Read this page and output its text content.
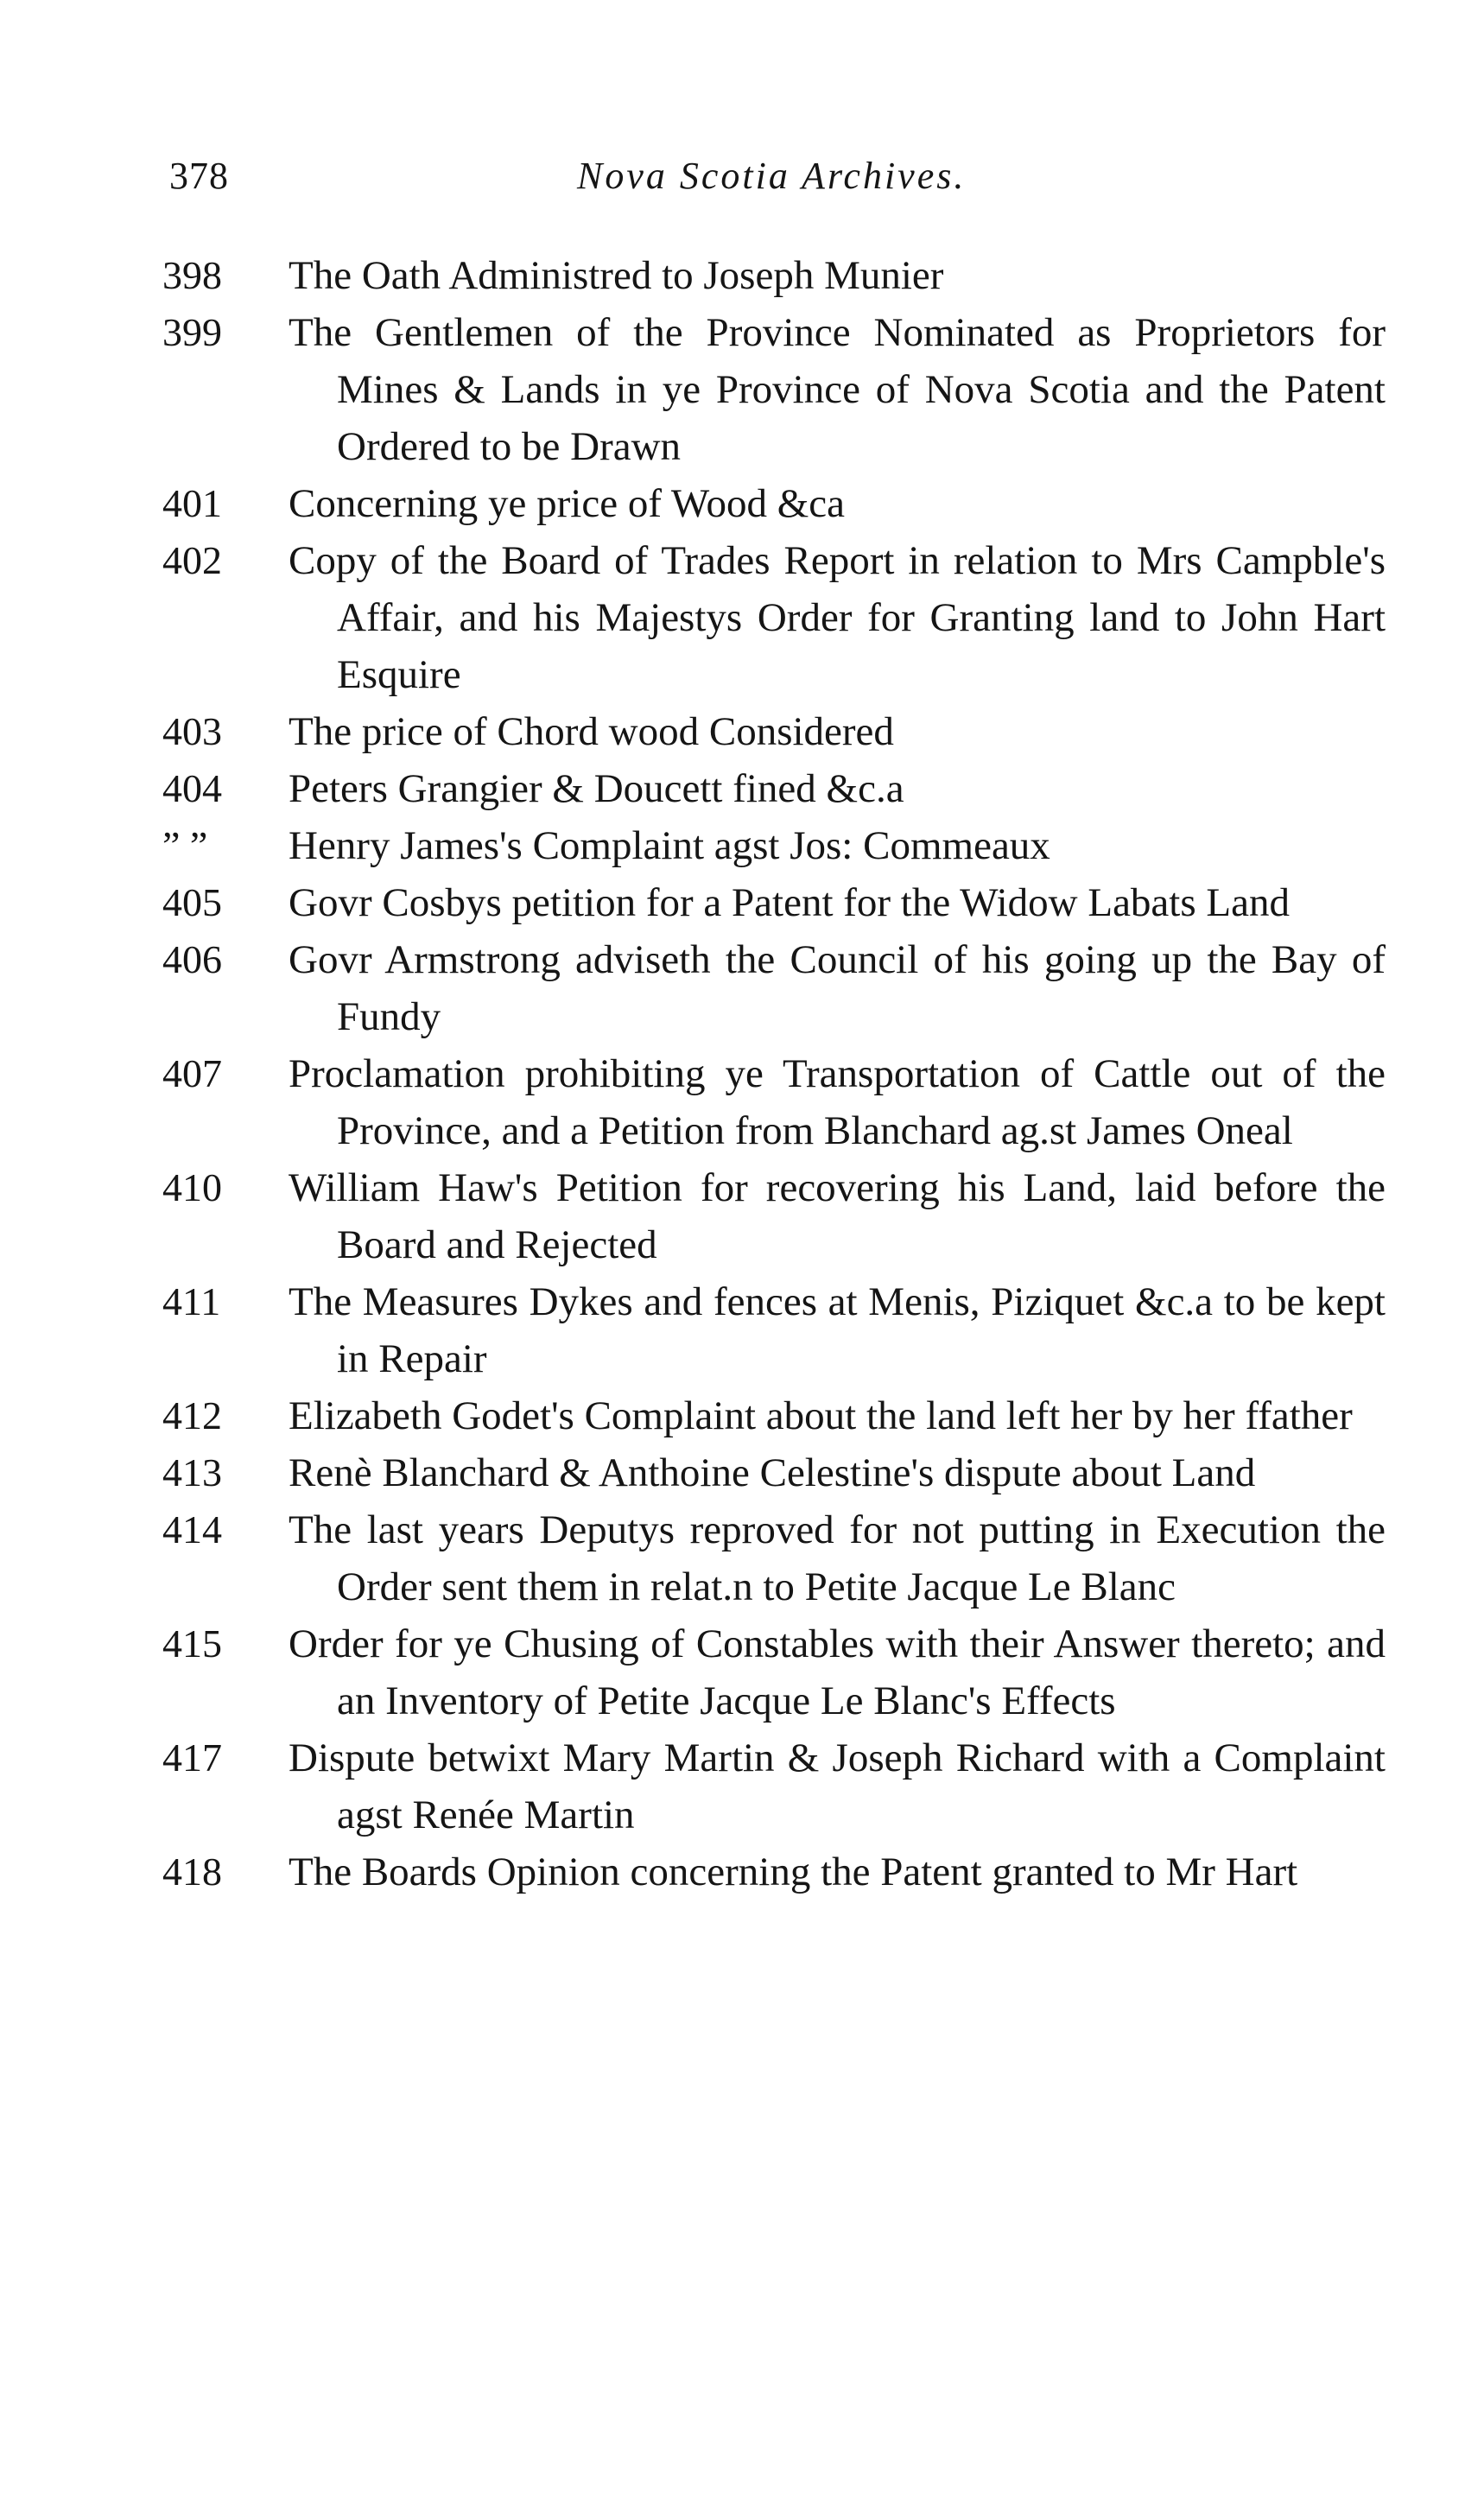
378	Nova Scotia Archives.
398	The Oath Administred to Joseph Munier
399	The Gentlemen of the Province Nominated as Proprietors for Mines & Lands in ye Province of Nova Scotia and the Patent Ordered to be Drawn
401	Concerning ye price of Wood &ca
402	Copy of the Board of Trades Report in relation to Mrs Campble's Affair, and his Majestys Order for Granting land to John Hart Esquire
403	The price of Chord wood Considered
404	Peters Grangier & Doucett fined &c.a
” ”	Henry James's Complaint agst Jos: Commeaux
405	Govr Cosbys petition for a Patent for the Widow Labats Land
406	Govr Armstrong adviseth the Council of his going up the Bay of Fundy
407	Proclamation prohibiting ye Transportation of Cattle out of the Province, and a Petition from Blanchard ag.st James Oneal
410	William Haw's Petition for recovering his Land, laid before the Board and Rejected
411	The Measures Dykes and fences at Menis, Piziquet &c.a to be kept in Repair
412	Elizabeth Godet's Complaint about the land left her by her ffather
413	Renè Blanchard & Anthoine Celestine's dispute about Land
414	The last years Deputys reproved for not putting in Execution the Order sent them in relat.n to Petite Jacque Le Blanc
415	Order for ye Chusing of Constables with their Answer thereto; and an Inventory of Petite Jacque Le Blanc's Effects
417	Dispute betwixt Mary Martin & Joseph Richard with a Complaint agst Renée Martin
418	The Boards Opinion concerning the Patent granted to Mr Hart
